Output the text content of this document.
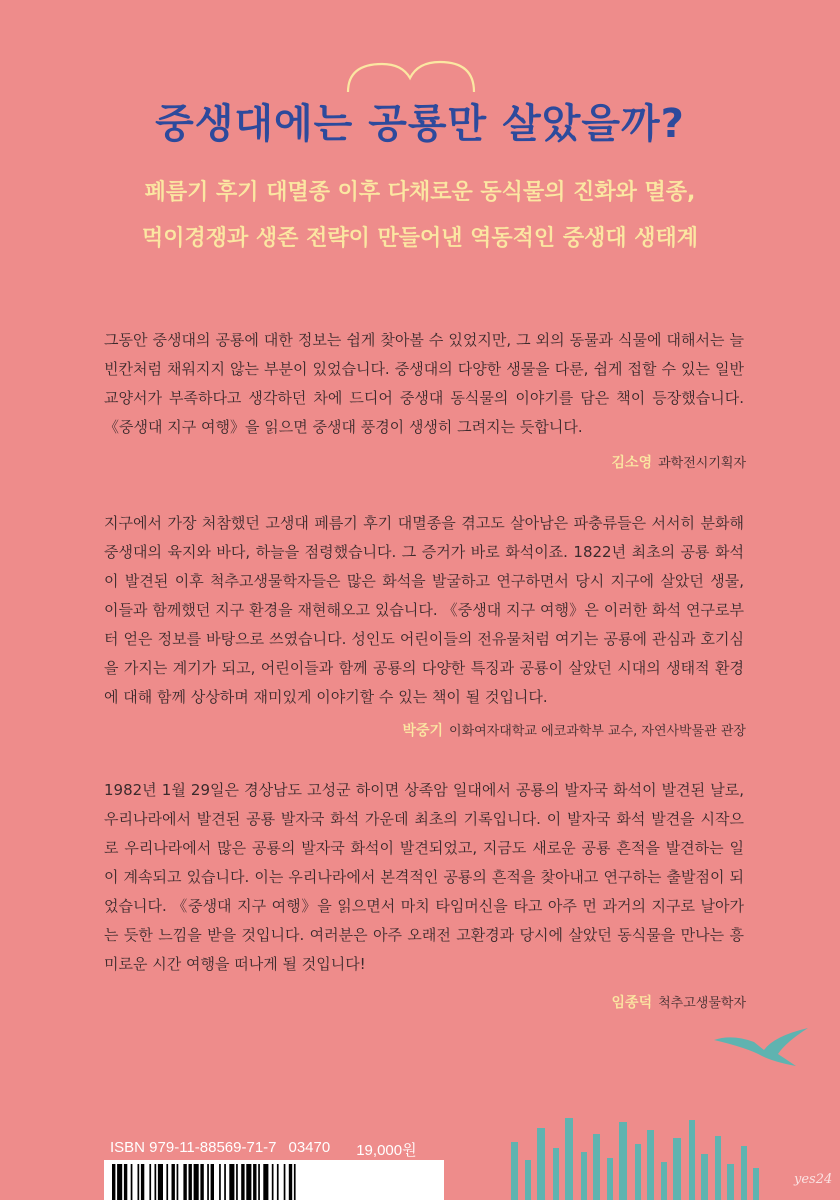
중생대에는 공룡만 살았을까?
페름기 후기 대멸종 이후 다채로운 동식물의 진화와 멸종,
먹이경쟁과 생존 전략이 만들어낸 역동적인 중생대 생태계
그동안 중생대의 공룡에 대한 정보는 쉽게 찾아볼 수 있었지만, 그 외의 동물과 식물에 대해서는 늘 빈칸처럼 채워지지 않는 부분이 있었습니다. 중생대의 다양한 생물을 다룬, 쉽게 접할 수 있는 일반 교양서가 부족하다고 생각하던 차에 드디어 중생대 동식물의 이야기를 담은 책이 등장했습니다. 《중생대 지구 여행》을 읽으면 중생대 풍경이 생생히 그려지는 듯합니다.
김소영 과학전시기획자
지구에서 가장 처참했던 고생대 페름기 후기 대멸종을 겪고도 살아남은 파충류들은 서서히 분화해 중생대의 육지와 바다, 하늘을 점령했습니다. 그 증거가 바로 화석이죠. 1822년 최초의 공룡 화석이 발견된 이후 척추고생물학자들은 많은 화석을 발굴하고 연구하면서 당시 지구에 살았던 생물, 이들과 함께했던 지구 환경을 재현해오고 있습니다. 《중생대 지구 여행》은 이러한 화석 연구로부터 얻은 정보를 바탕으로 쓰였습니다. 성인도 어린이들의 전유물처럼 여기는 공룡에 관심과 호기심을 가지는 계기가 되고, 어린이들과 함께 공룡의 다양한 특징과 공룡이 살았던 시대의 생태적 환경에 대해 함께 상상하며 재미있게 이야기할 수 있는 책이 될 것입니다.
박중기 이화여자대학교 에코과학부 교수, 자연사박물관 관장
1982년 1월 29일은 경상남도 고성군 하이면 상족암 일대에서 공룡의 발자국 화석이 발견된 날로, 우리나라에서 발견된 공룡 발자국 화석 가운데 최초의 기록입니다. 이 발자국 화석 발견을 시작으로 우리나라에서 많은 공룡의 발자국 화석이 발견되었고, 지금도 새로운 공룡 흔적을 발견하는 일이 계속되고 있습니다. 이는 우리나라에서 본격적인 공룡의 흔적을 찾아내고 연구하는 출발점이 되었습니다. 《중생대 지구 여행》을 읽으면서 마치 타임머신을 타고 아주 먼 과거의 지구로 날아가는 듯한 느낌을 받을 것입니다. 여러분은 아주 오래전 고환경과 당시에 살았던 동식물을 만나는 흥미로운 시간 여행을 떠나게 될 것입니다!
임종덕 척추고생물학자
ISBN 979-11-88569-71-7 03470 19,000원
yes24
